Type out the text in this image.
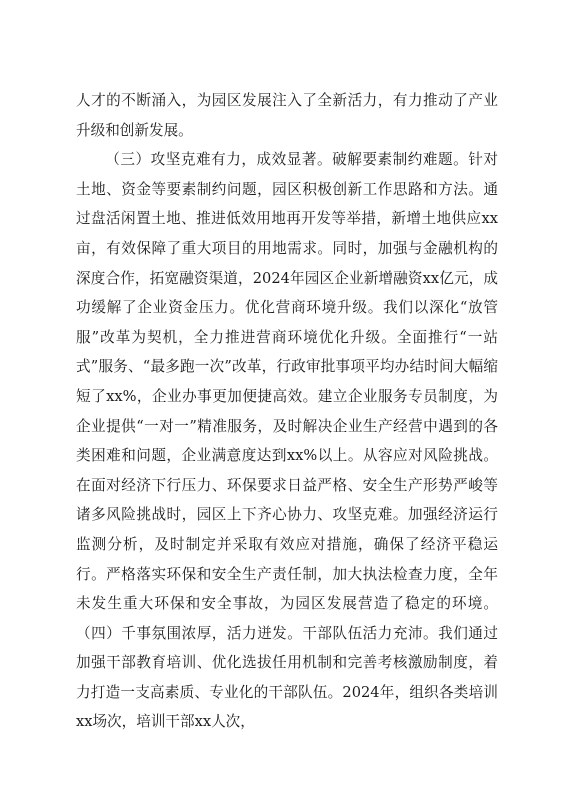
人才的不断涌入，为园区发展注入了全新活力，有力推动了产业升级和创新发展。

（三）攻坚克难有力，成效显著。破解要素制约难题。针对土地、资金等要素制约问题，园区积极创新工作思路和方法。通过盘活闲置土地、推进低效用地再开发等举措，新增土地供应xx亩，有效保障了重大项目的用地需求。同时，加强与金融机构的深度合作，拓宽融资渠道，2024年园区企业新增融资xx亿元，成功缓解了企业资金压力。优化营商环境升级。我们以深化“放管服”改革为契机，全力推进营商环境优化升级。全面推行“一站式”服务、“最多跑一次”改革，行政审批事项平均办结时间大幅缩短了xx%，企业办事更加便捷高效。建立企业服务专员制度，为企业提供“一对一”精准服务，及时解决企业生产经营中遇到的各类困难和问题，企业满意度达到xx%以上。从容应对风险挑战。在面对经济下行压力、环保要求日益严格、安全生产形势严峻等诸多风险挑战时，园区上下齐心协力、攻坚克难。加强经济运行监测分析，及时制定并采取有效应对措施，确保了经济平稳运行。严格落实环保和安全生产责任制，加大执法检查力度，全年未发生重大环保和安全事故，为园区发展营造了稳定的环境。（四）千事氛围浓厚，活力迸发。干部队伍活力充沛。我们通过加强干部教育培训、优化选拔任用机制和完善考核激励制度，着力打造一支高素质、专业化的干部队伍。2024年，组织各类培训xx场次，培训干部xx人次，
